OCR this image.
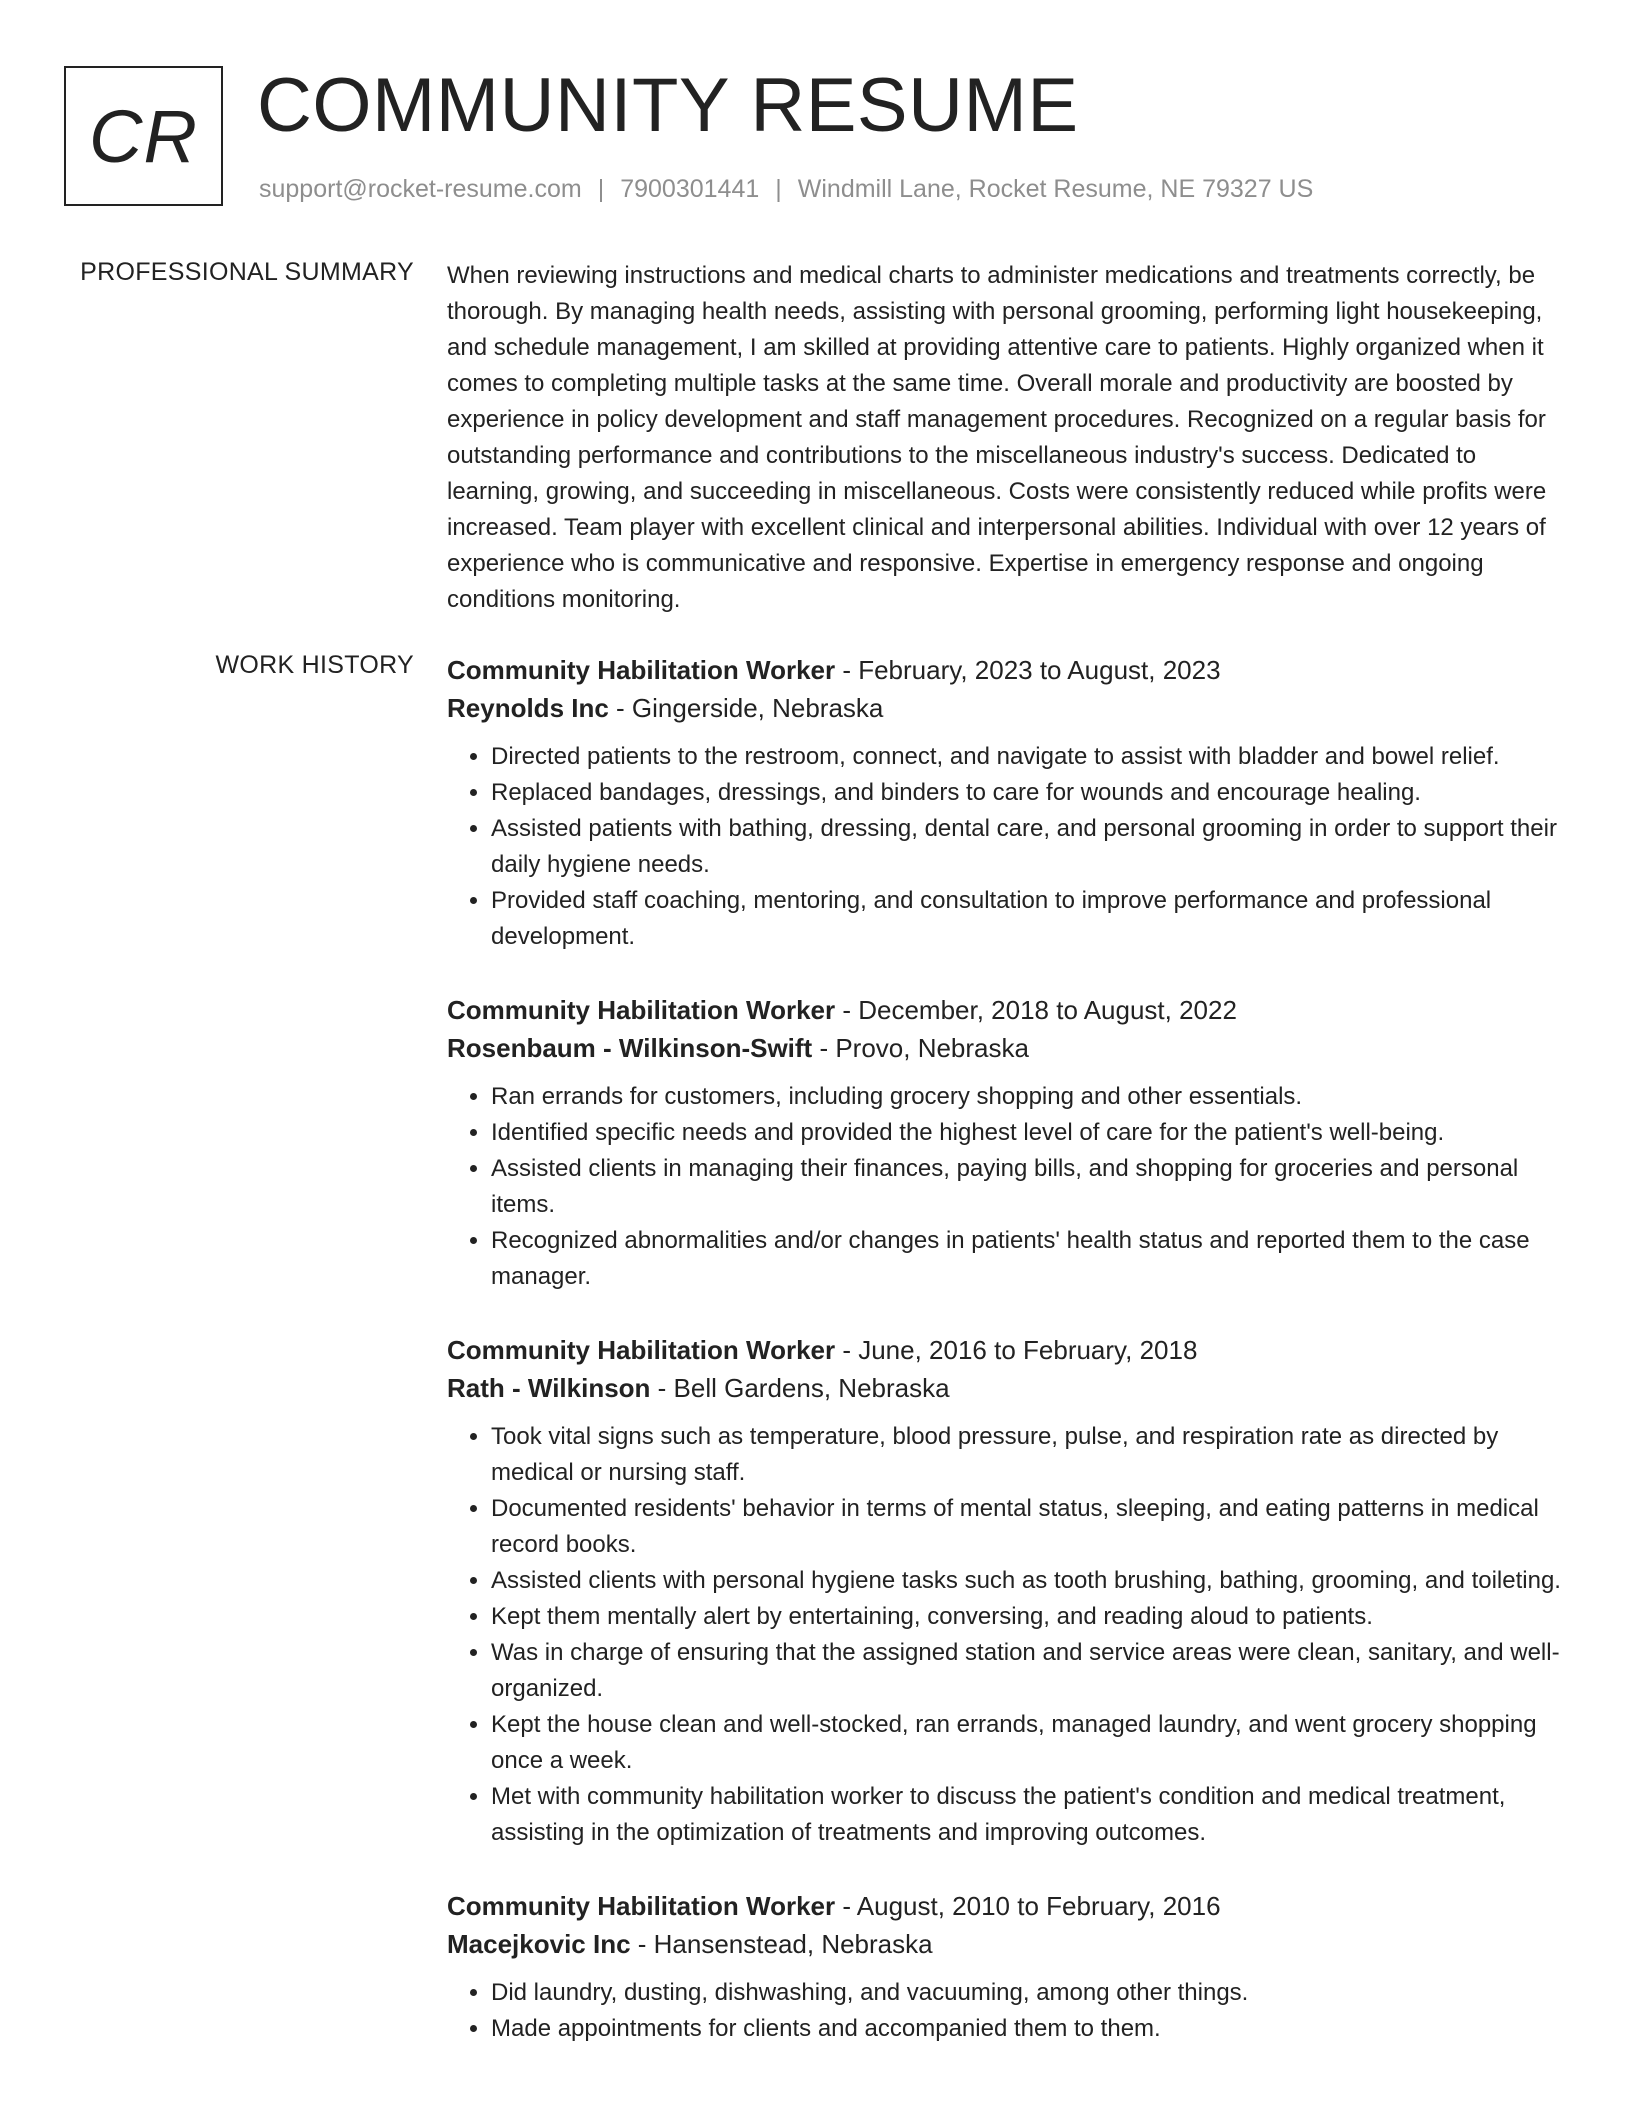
CR COMMUNITY RESUME
support@rocket-resume.com | 7900301441 | Windmill Lane, Rocket Resume, NE 79327 US
PROFESSIONAL SUMMARY When reviewing instructions and medical charts to administer medications and treatments correctly, be thorough. By managing health needs, assisting with personal grooming, performing light housekeeping, and schedule management, I am skilled at providing attentive care to patients. Highly organized when it comes to completing multiple tasks at the same time. Overall morale and productivity are boosted by experience in policy development and staff management procedures. Recognized on a regular basis for outstanding performance and contributions to the miscellaneous industry's success. Dedicated to learning, growing, and succeeding in miscellaneous. Costs were consistently reduced while profits were increased. Team player with excellent clinical and interpersonal abilities. Individual with over 12 years of experience who is communicative and responsive. Expertise in emergency response and ongoing conditions monitoring.

WORK HISTORY Community Habilitation Worker - February, 2023 to August, 2023
Reynolds Inc - Gingerside, Nebraska
• Directed patients to the restroom, connect, and navigate to assist with bladder and bowel relief.
• Replaced bandages, dressings, and binders to care for wounds and encourage healing.
• Assisted patients with bathing, dressing, dental care, and personal grooming in order to support their daily hygiene needs.
• Provided staff coaching, mentoring, and consultation to improve performance and professional development.
Community Habilitation Worker - December, 2018 to August, 2022
Rosenbaum - Wilkinson-Swift - Provo, Nebraska
• Ran errands for customers, including grocery shopping and other essentials.
• Identified specific needs and provided the highest level of care for the patient's well-being.
• Assisted clients in managing their finances, paying bills, and shopping for groceries and personal items.
• Recognized abnormalities and/or changes in patients' health status and reported them to the case manager.
Community Habilitation Worker - June, 2016 to February, 2018
Rath - Wilkinson - Bell Gardens, Nebraska
• Took vital signs such as temperature, blood pressure, pulse, and respiration rate as directed by medical or nursing staff.
• Documented residents' behavior in terms of mental status, sleeping, and eating patterns in medical record books.
• Assisted clients with personal hygiene tasks such as tooth brushing, bathing, grooming, and toileting.
• Kept them mentally alert by entertaining, conversing, and reading aloud to patients.
• Was in charge of ensuring that the assigned station and service areas were clean, sanitary, and well-organized.
• Kept the house clean and well-stocked, ran errands, managed laundry, and went grocery shopping once a week.
• Met with community habilitation worker to discuss the patient's condition and medical treatment, assisting in the optimization of treatments and improving outcomes.
Community Habilitation Worker - August, 2010 to February, 2016
Macejkovic Inc - Hansenstead, Nebraska
• Did laundry, dusting, dishwashing, and vacuuming, among other things.
• Made appointments for clients and accompanied them to them.
